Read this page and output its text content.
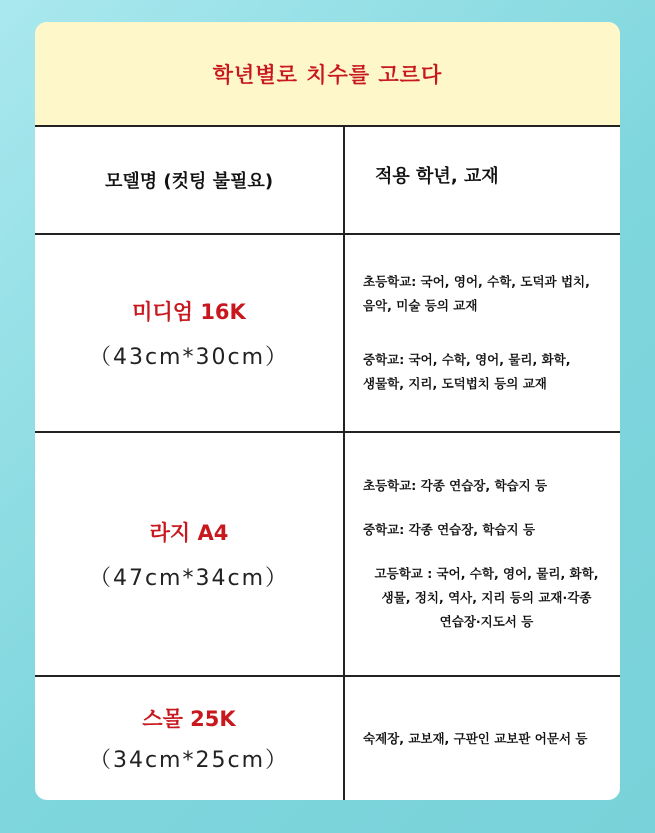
학년별로 치수를 고르다
모델명 (컷팅 불필요)	적용 학년, 교재
미디엄 16K
（43cm*30cm）
초등학교: 국어, 영어, 수학, 도덕과 법치,
음악, 미술 등의 교재
중학교: 국어, 수학, 영어, 물리, 화학,
생물학, 지리, 도덕법치 등의 교재
라지 A4
（47cm*34cm）
초등학교: 각종 연습장, 학습지 등
중학교: 각종 연습장, 학습지 등
고등학교 : 국어, 수학, 영어, 물리, 화학,
생물, 정치, 역사, 지리 등의 교재·각종
연습장·지도서 등
스몰 25K
（34cm*25cm）
숙제장, 교보재, 구판인 교보판 어문서 등
